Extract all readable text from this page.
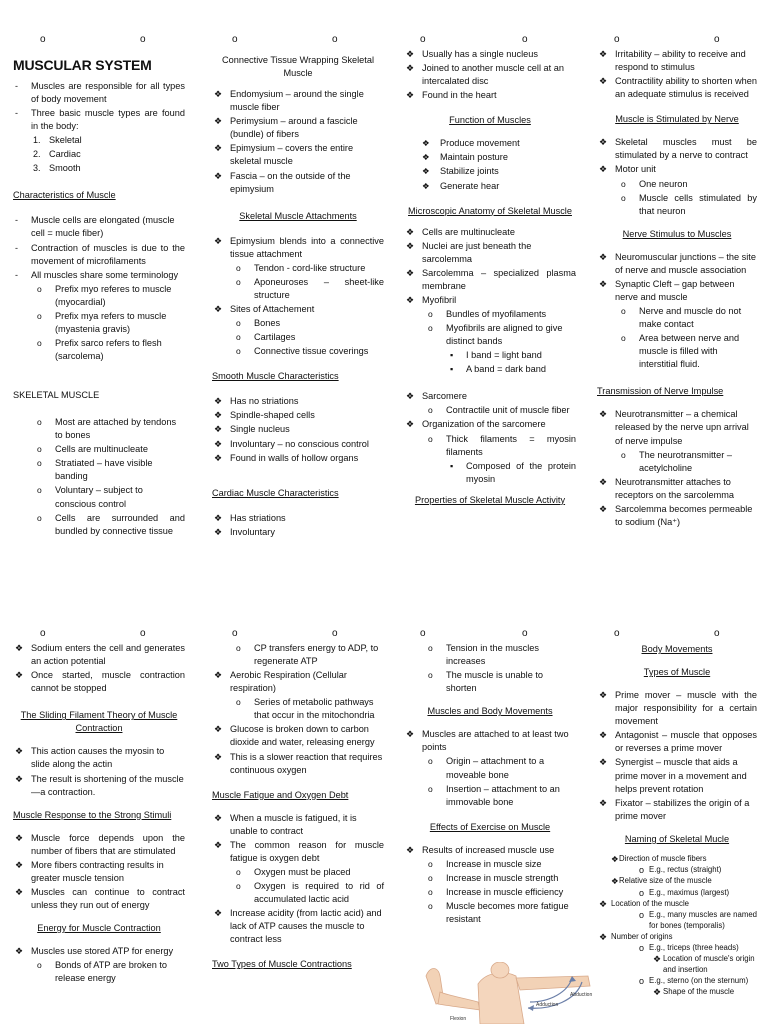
o	o
MUSCULAR SYSTEM
- Muscles are responsible for all types of body movement
- Three basic muscle types are found in the body:
1. Skeletal
2. Cardiac
3. Smooth
Characteristics of Muscle
- Muscle cells are elongated (muscle cell = mucle fiber)
- Contraction of muscles is due to the movement of microfilaments
- All muscles share some terminology
o Prefix myo referes to muscle (myocardial)
o Prefix mya refers to muscle (myastenia gravis)
o Prefix sarco refers to flesh (sarcolema)
SKELETAL MUSCLE
o Most are attached by tendons to bones
o Cells are multinucleate
o Stratiated – have visible banding
o Voluntary – subject to conscious control
o Cells are surrounded and bundled by connective tissue
o	o
Connective Tissue Wrapping Skeletal Muscle
❖ Endomysium – around the single muscle fiber
❖ Perimysium – around a fascicle (bundle) of fibers
❖ Epimysium – covers the entire skeletal muscle
❖ Fascia – on the outside of the epimysium
Skeletal Muscle Attachments
❖ Epimysium blends into a connective tissue attachment
o Tendon - cord-like structure
o Aponeuroses – sheet-like structure
❖ Sites of Attachement
o Bones
o Cartilages
o Connective tissue coverings
Smooth Muscle Characteristics
❖ Has no striations
❖ Spindle-shaped cells
❖ Single nucleus
❖ Involuntary – no conscious control
❖ Found in walls of hollow organs
Cardiac Muscle Characteristics
❖ Has striations
❖ Involuntary
o	o
❖ Usually has a single nucleus
❖ Joined to another muscle cell at an intercalated disc
❖ Found in the heart
Function of Muscles
❖ Produce movement
❖ Maintain posture
❖ Stabilize joints
❖ Generate hear
Microscopic Anatomy of Skeletal Muscle
❖ Cells are multinucleate
❖ Nuclei are just beneath the sarcolemma
❖ Sarcolemma – specialized plasma membrane
❖ Myofibril
o Bundles of myofilaments
o Myofibrils are aligned to give distinct bands
▪ I band = light band
▪ A band = dark band
❖ Sarcomere
o Contractile unit of muscle fiber
❖ Organization of the sarcomere
o Thick filaments = myosin filaments
▪ Composed of the protein myosin
Properties of Skeletal Muscle Activity
o	o
❖ Irritability – ability to receive and respond to stimulus
❖ Contractility ability to shorten when an adequate stimulus is received
Muscle is Stimulated by Nerve
❖ Skeletal muscles must be stimulated by a nerve to contract
❖ Motor unit
o One neuron
o Muscle cells stimulated by that neuron
Nerve Stimulus to Muscles
❖ Neuromuscular junctions – the site of nerve and muscle association
❖ Synaptic Cleft – gap between nerve and muscle
o Nerve and muscle do not make contact
o Area between nerve and muscle is filled with interstitial fluid.
Transmission of Nerve Impulse
❖ Neurotransmitter – a chemical released by the nerve upn arrival of nerve impulse
o The neurotransmitter – acetylcholine
❖ Neurotransmitter attaches to receptors on the sarcolemma
❖ Sarcolemma becomes permeable to sodium (Na⁺)
o	o
❖ Sodium enters the cell and generates an action potential
❖ Once started, muscle contraction cannot be stopped
The Sliding Filament Theory of Muscle Contraction
❖ This action causes the myosin to slide along the actin
❖ The result is shortening of the muscle—a contraction.
Muscle Response to the Strong Stimuli
❖ Muscle force depends upon the number of fibers that are stimulated
❖ More fibers contracting results in greater muscle tension
❖ Muscles can continue to contract unless they run out of energy
Energy for Muscle Contraction
❖ Muscles use stored ATP for energy
o Bonds of ATP are broken to release energy
o	o
o CP transfers energy to ADP, to regenerate ATP
❖ Aerobic Respiration (Cellular respiration)
o Series of metabolic pathways that occur in the mitochondria
❖ Glucose is broken down to carbon dioxide and water, releasing energy
❖ This is a slower reaction that requires continuous oxygen
Muscle Fatigue and Oxygen Debt
❖ When a muscle is fatigued, it is unable to contract
❖ The common reason for muscle fatigue is oxygen debt
o Oxygen must be placed
o Oxygen is required to rid of accumulated lactic acid
❖ Increase acidity (from lactic acid) and lack of ATP causes the muscle to contract less
Two Types of Muscle Contractions
o	o
o Tension in the muscles increases
o The muscle is unable to shorten
Muscles and Body Movements
❖ Muscles are attached to at least two points
o Origin – attachment to a moveable bone
o Insertion – attachment to an immovable bone
Effects of Exercise on Muscle
❖ Results of increased muscle use
o Increase in muscle size
o Increase in muscle strength
o Increase in muscle efficiency
o Muscle becomes more fatigue resistant
Abduction
Adduction
Flexion
o	o
Body Movements
Types of Muscle
❖ Prime mover – muscle with the major responsibility for a certain movement
❖ Antagonist – muscle that opposes or reverses a prime mover
❖ Synergist – muscle that aids a prime mover in a movement and helps prevent rotation
❖ Fixator – stabilizes the origin of a prime mover
Naming of Skeletal Mucle
❖ Direction of muscle fibers
o E.g., rectus (straight)
❖ Relative size of the muscle
o E.g., maximus (largest)
❖ Location of the muscle
o E.g., many muscles are named for bones (temporalis)
❖ Number of origins
o E.g., triceps (three heads)
❖ Location of muscle's origin and insertion
o E.g., sterno (on the sternum)
❖ Shape of the muscle
